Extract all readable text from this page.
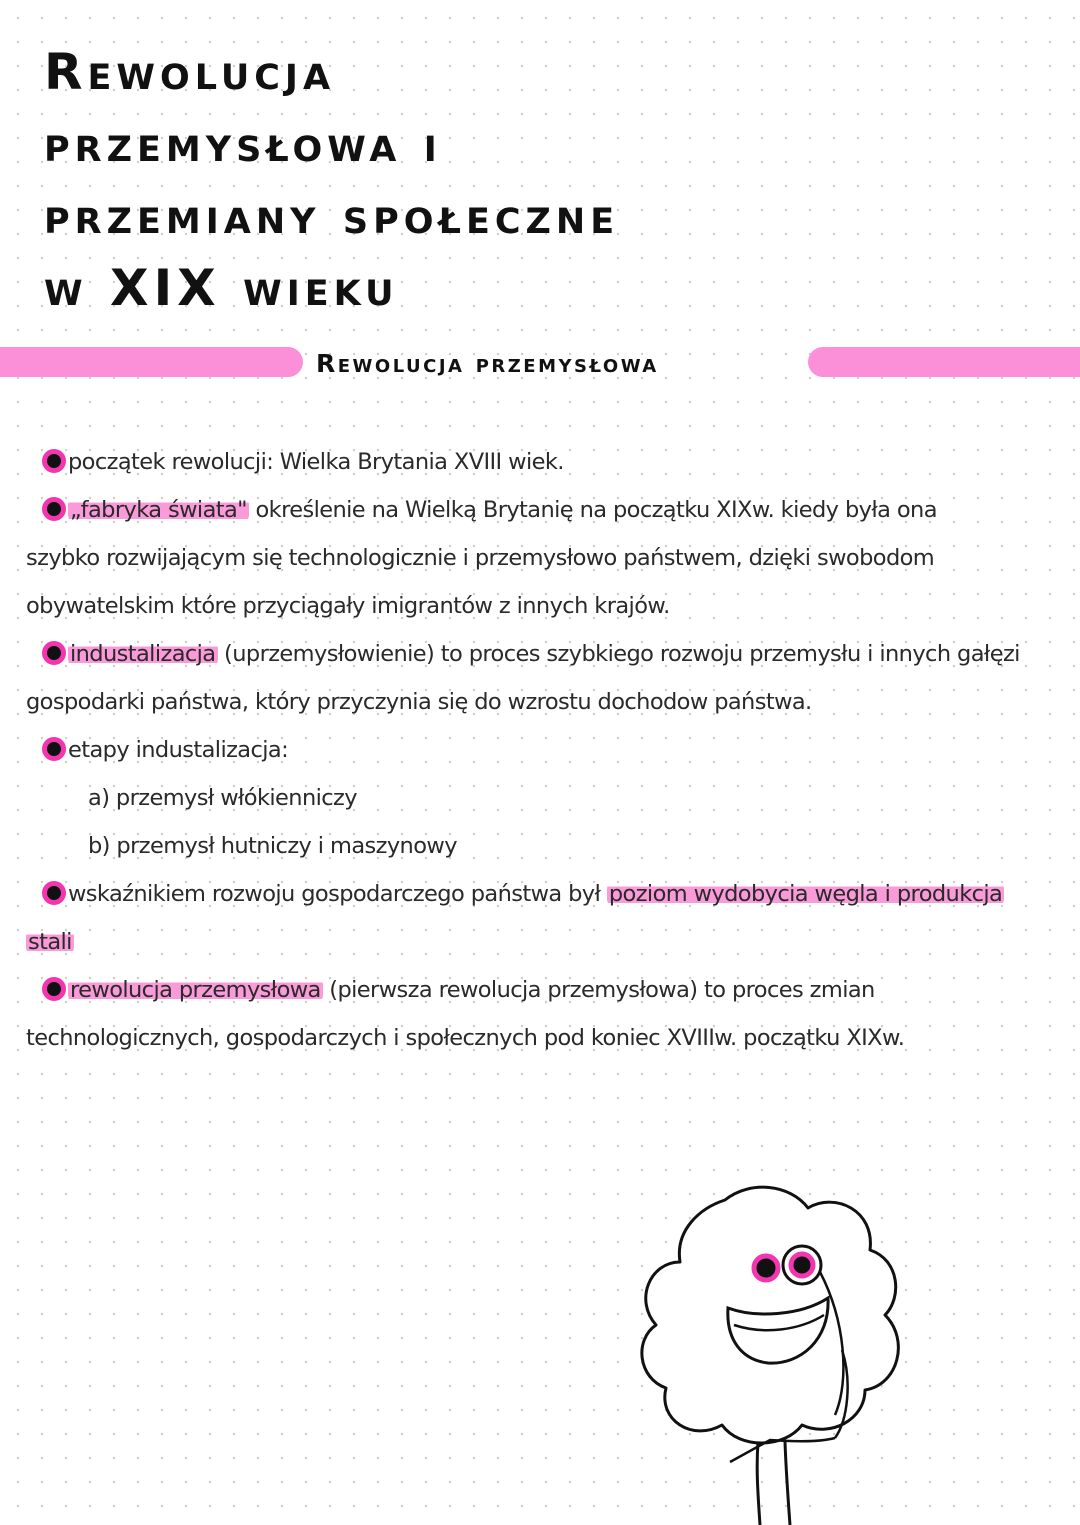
Rewolucja
przemysłowa i
przemiany społeczne
w XIX wieku
Rewolucja przemysłowa
początek rewolucji: Wielka Brytania XVIII wiek.
„fabryka świata" określenie na Wielką Brytanię na początku XIXw. kiedy była ona
szybko rozwijającym się technologicznie i przemysłowo państwem, dzięki swobodom
obywatelskim które przyciągały imigrantów z innych krajów.
industalizacja (uprzemysłowienie) to proces szybkiego rozwoju przemysłu i innych gałęzi
gospodarki państwa, który przyczynia się do wzrostu dochodow państwa.
etapy industalizacja:
a) przemysł włókienniczy
b) przemysł hutniczy i maszynowy
wskaźnikiem rozwoju gospodarczego państwa był poziom wydobycia węgla i produkcja
stali
rewolucja przemysłowa (pierwsza rewolucja przemysłowa) to proces zmian
technologicznych, gospodarczych i społecznych pod koniec XVIIIw. początku XIXw.
